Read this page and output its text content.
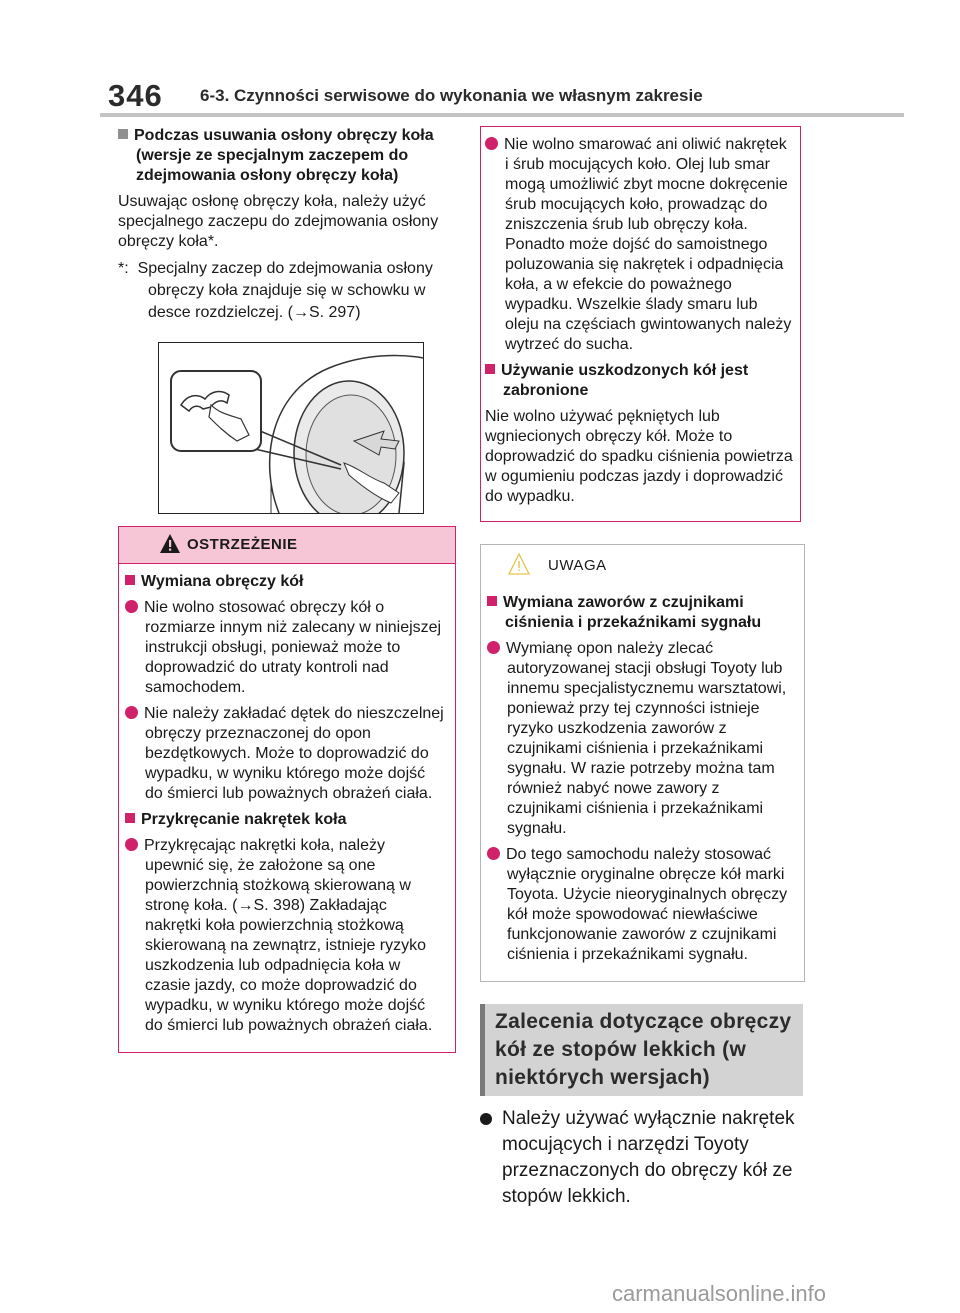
346 6-3. Czynności serwisowe do wykonania we własnym zakresie
Podczas usuwania osłony obręczy koła (wersje ze specjalnym zaczepem do zdejmowania osłony obręczy koła)

Usuwając osłonę obręczy koła, należy użyć specjalnego zaczepu do zdejmowania osłony obręczy koła*.

*: Specjalny zaczep do zdejmowania osłony obręczy koła znajduje się w schowku w desce rozdzielczej. (→S. 297)
OSTRZEŻENIE
Wymiana obręczy kół
Nie wolno stosować obręczy kół o rozmiarze innym niż zalecany w niniejszej instrukcji obsługi, ponieważ może to doprowadzić do utraty kontroli nad samochodem.
Nie należy zakładać dętek do nieszczelnej obręczy przeznaczonej do opon bezdętkowych. Może to doprowadzić do wypadku, w wyniku którego może dojść do śmierci lub poważnych obrażeń ciała.
Przykręcanie nakrętek koła
Przykręcając nakrętki koła, należy upewnić się, że założone są one powierzchnią stożkową skierowaną w stronę koła. (→S. 398) Zakładając nakrętki koła powierzchnią stożkową skierowaną na zewnątrz, istnieje ryzyko uszkodzenia lub odpadnięcia koła w czasie jazdy, co może doprowadzić do wypadku, w wyniku którego może dojść do śmierci lub poważnych obrażeń ciała.
Nie wolno smarować ani oliwić nakrętek i śrub mocujących koło. Olej lub smar mogą umożliwić zbyt mocne dokręcenie śrub mocujących koło, prowadząc do zniszczenia śrub lub obręczy koła. Ponadto może dojść do samoistnego poluzowania się nakrętek i odpadnięcia koła, a w efekcie do poważnego wypadku. Wszelkie ślady smaru lub oleju na częściach gwintowanych należy wytrzeć do sucha.
Używanie uszkodzonych kół jest zabronione
Nie wolno używać pękniętych lub wgniecionych obręczy kół. Może to doprowadzić do spadku ciśnienia powietrza w ogumieniu podczas jazdy i doprowadzić do wypadku.
UWAGA
Wymiana zaworów z czujnikami ciśnienia i przekaźnikami sygnału
Wymianę opon należy zlecać autoryzowanej stacji obsługi Toyoty lub innemu specjalistycznemu warsztatowi, ponieważ przy tej czynności istnieje ryzyko uszkodzenia zaworów z czujnikami ciśnienia i przekaźnikami sygnału. W razie potrzeby można tam również nabyć nowe zawory z czujnikami ciśnienia i przekaźnikami sygnału.
Do tego samochodu należy stosować wyłącznie oryginalne obręcze kół marki Toyota. Użycie nieoryginalnych obręczy kół może spowodować niewłaściwe funkcjonowanie zaworów z czujnikami ciśnienia i przekaźnikami sygnału.
Zalecenia dotyczące obręczy kół ze stopów lekkich (w niektórych wersjach)
Należy używać wyłącznie nakrętek mocujących i narzędzi Toyoty przeznaczonych do obręczy kół ze stopów lekkich.
carmanualsonline.info
